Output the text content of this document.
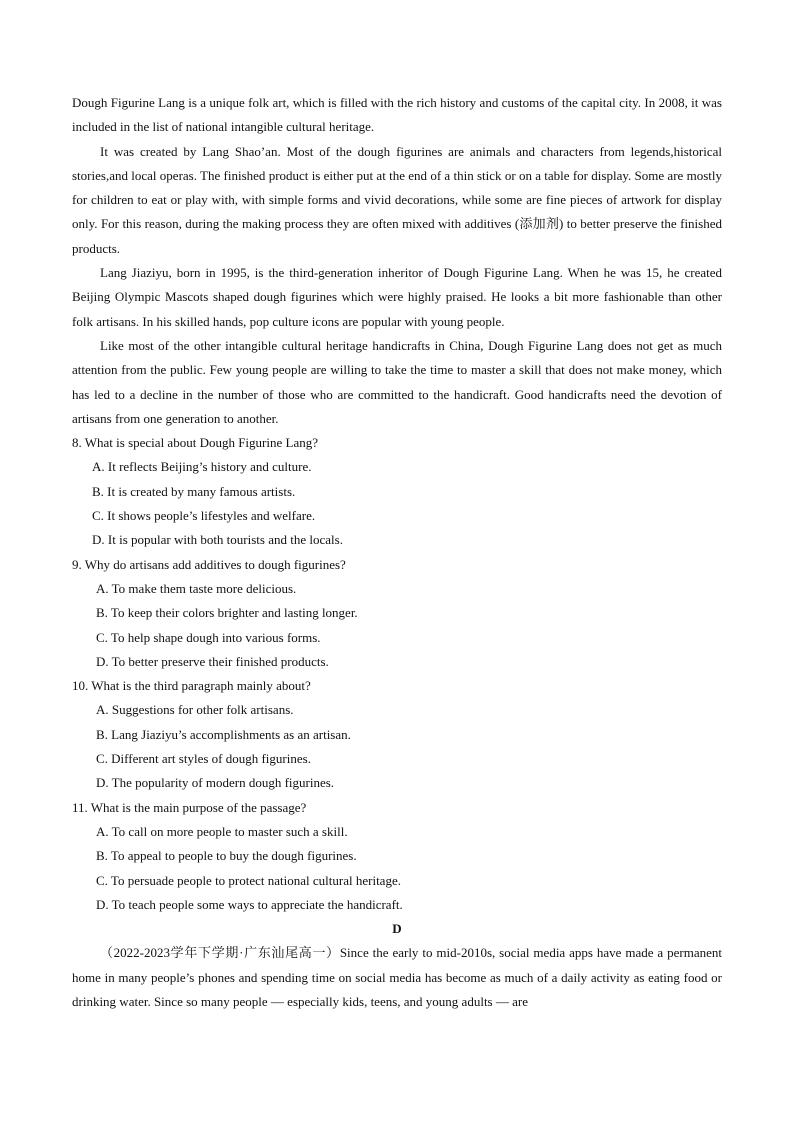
Dough Figurine Lang is a unique folk art, which is filled with the rich history and customs of the capital city. In 2008, it was included in the list of national intangible cultural heritage.

It was created by Lang Shao’an. Most of the dough figurines are animals and characters from legends,historical stories,and local operas. The finished product is either put at the end of a thin stick or on a table for display. Some are mostly for children to eat or play with, with simple forms and vivid decorations, while some are fine pieces of artwork for display only. For this reason, during the making process they are often mixed with additives (添加剂) to better preserve the finished products.

Lang Jiaziyu, born in 1995, is the third-generation inheritor of Dough Figurine Lang. When he was 15, he created Beijing Olympic Mascots shaped dough figurines which were highly praised. He looks a bit more fashionable than other folk artisans. In his skilled hands, pop culture icons are popular with young people.

Like most of the other intangible cultural heritage handicrafts in China, Dough Figurine Lang does not get as much attention from the public. Few young people are willing to take the time to master a skill that does not make money, which has led to a decline in the number of those who are committed to the handicraft. Good handicrafts need the devotion of artisans from one generation to another.

8. What is special about Dough Figurine Lang?
A. It reflects Beijing’s history and culture.
B. It is created by many famous artists.
C. It shows people’s lifestyles and welfare.
D. It is popular with both tourists and the locals.
9. Why do artisans add additives to dough figurines?
A. To make them taste more delicious.
B. To keep their colors brighter and lasting longer.
C. To help shape dough into various forms.
D. To better preserve their finished products.
10. What is the third paragraph mainly about?
A. Suggestions for other folk artisans.
B. Lang Jiaziyu’s accomplishments as an artisan.
C. Different art styles of dough figurines.
D. The popularity of modern dough figurines.
11. What is the main purpose of the passage?
A. To call on more people to master such a skill.
B. To appeal to people to buy the dough figurines.
C. To persuade people to protect national cultural heritage.
D. To teach people some ways to appreciate the handicraft.
D

（2022-2023学年下学期·广东汕尾高一）Since the early to mid-2010s, social media apps have made a permanent home in many people’s phones and spending time on social media has become as much of a daily activity as eating food or drinking water. Since so many people — especially kids, teens, and young adults — are
